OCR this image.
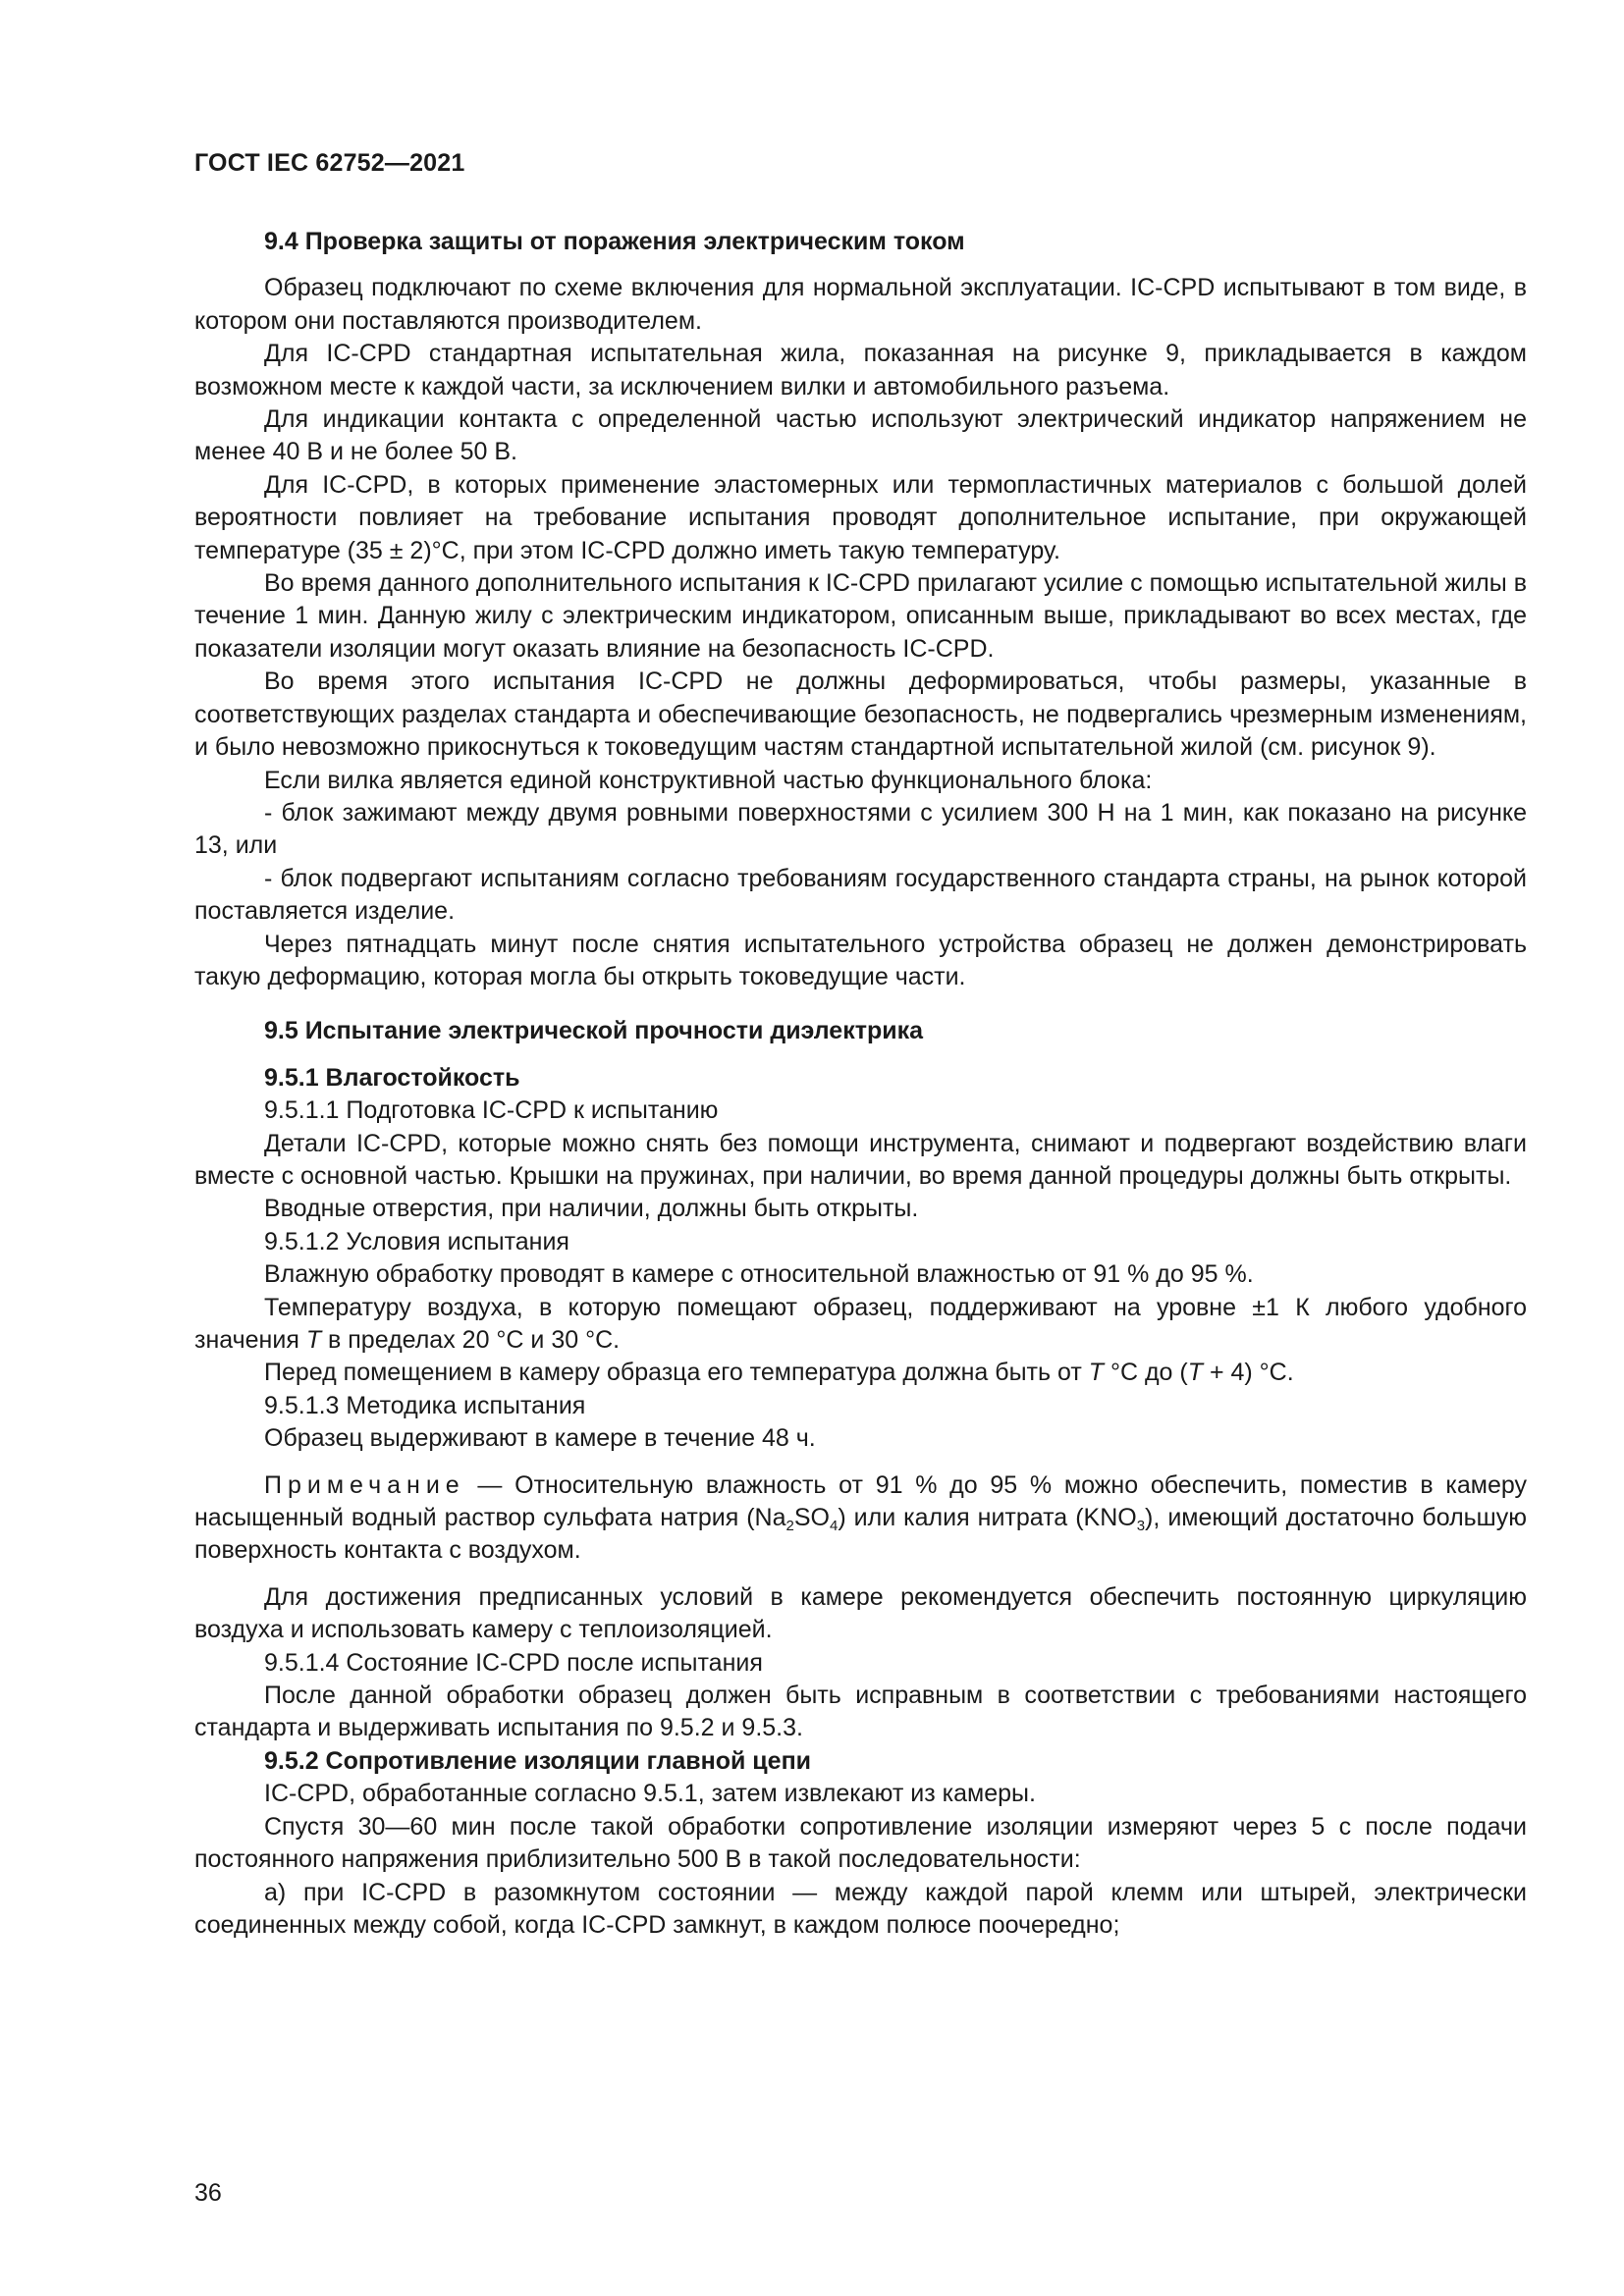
ГОСТ IEC 62752—2021
9.4 Проверка защиты от поражения электрическим током

Образец подключают по схеме включения для нормальной эксплуатации. IC-CPD испытывают в том виде, в котором они поставляются производителем.

Для IC-CPD стандартная испытательная жила, показанная на рисунке 9, прикладывается в каждом возможном месте к каждой части, за исключением вилки и автомобильного разъема.

Для индикации контакта с определенной частью используют электрический индикатор напряжением не менее 40 В и не более 50 В.

Для IC-CPD, в которых применение эластомерных или термопластичных материалов с большой долей вероятности повлияет на требование испытания проводят дополнительное испытание, при окружающей температуре (35 ± 2)°С, при этом IC-CPD должно иметь такую температуру.

Во время данного дополнительного испытания к IC-CPD прилагают усилие с помощью испытательной жилы в течение 1 мин. Данную жилу с электрическим индикатором, описанным выше, прикладывают во всех местах, где показатели изоляции могут оказать влияние на безопасность IC-CPD.

Во время этого испытания IC-CPD не должны деформироваться, чтобы размеры, указанные в соответствующих разделах стандарта и обеспечивающие безопасность, не подвергались чрезмерным изменениям, и было невозможно прикоснуться к токоведущим частям стандартной испытательной жилой (см. рисунок 9).

Если вилка является единой конструктивной частью функционального блока:

- блок зажимают между двумя ровными поверхностями с усилием 300 Н на 1 мин, как показано на рисунке 13, или

- блок подвергают испытаниям согласно требованиям государственного стандарта страны, на рынок которой поставляется изделие.

Через пятнадцать минут после снятия испытательного устройства образец не должен демонстрировать такую деформацию, которая могла бы открыть токоведущие части.

9.5 Испытание электрической прочности диэлектрика
9.5.1 Влагостойкость

9.5.1.1 Подготовка IC-CPD к испытанию

Детали IC-CPD, которые можно снять без помощи инструмента, снимают и подвергают воздействию влаги вместе с основной частью. Крышки на пружинах, при наличии, во время данной процедуры должны быть открыты.

Вводные отверстия, при наличии, должны быть открыты.

9.5.1.2 Условия испытания

Влажную обработку проводят в камере с относительной влажностью от 91 % до 95 %.

Температуру воздуха, в которую помещают образец, поддерживают на уровне ±1 К любого удобного значения T в пределах 20 °С и 30 °С.

Перед помещением в камеру образца его температура должна быть от T °С до (T + 4) °С.

9.5.1.3 Методика испытания

Образец выдерживают в камере в течение 48 ч.

Примечание — Относительную влажность от 91 % до 95 % можно обеспечить, поместив в камеру насыщенный водный раствор сульфата натрия $(Na_2SO_4)$ или калия нитрата $(KNO_3)$, имеющий достаточно большую поверхность контакта с воздухом.

Для достижения предписанных условий в камере рекомендуется обеспечить постоянную циркуляцию воздуха и использовать камеру с теплоизоляцией.

9.5.1.4 Состояние IC-CPD после испытания

После данной обработки образец должен быть исправным в соответствии с требованиями настоящего стандарта и выдерживать испытания по 9.5.2 и 9.5.3.

9.5.2 Сопротивление изоляции главной цепи

IC-CPD, обработанные согласно 9.5.1, затем извлекают из камеры.

Спустя 30—60 мин после такой обработки сопротивление изоляции измеряют через 5 с после подачи постоянного напряжения приблизительно 500 В в такой последовательности:

а) при IC-CPD в разомкнутом состоянии — между каждой парой клемм или штырей, электрически соединенных между собой, когда IC-CPD замкнут, в каждом полюсе поочередно;

36
